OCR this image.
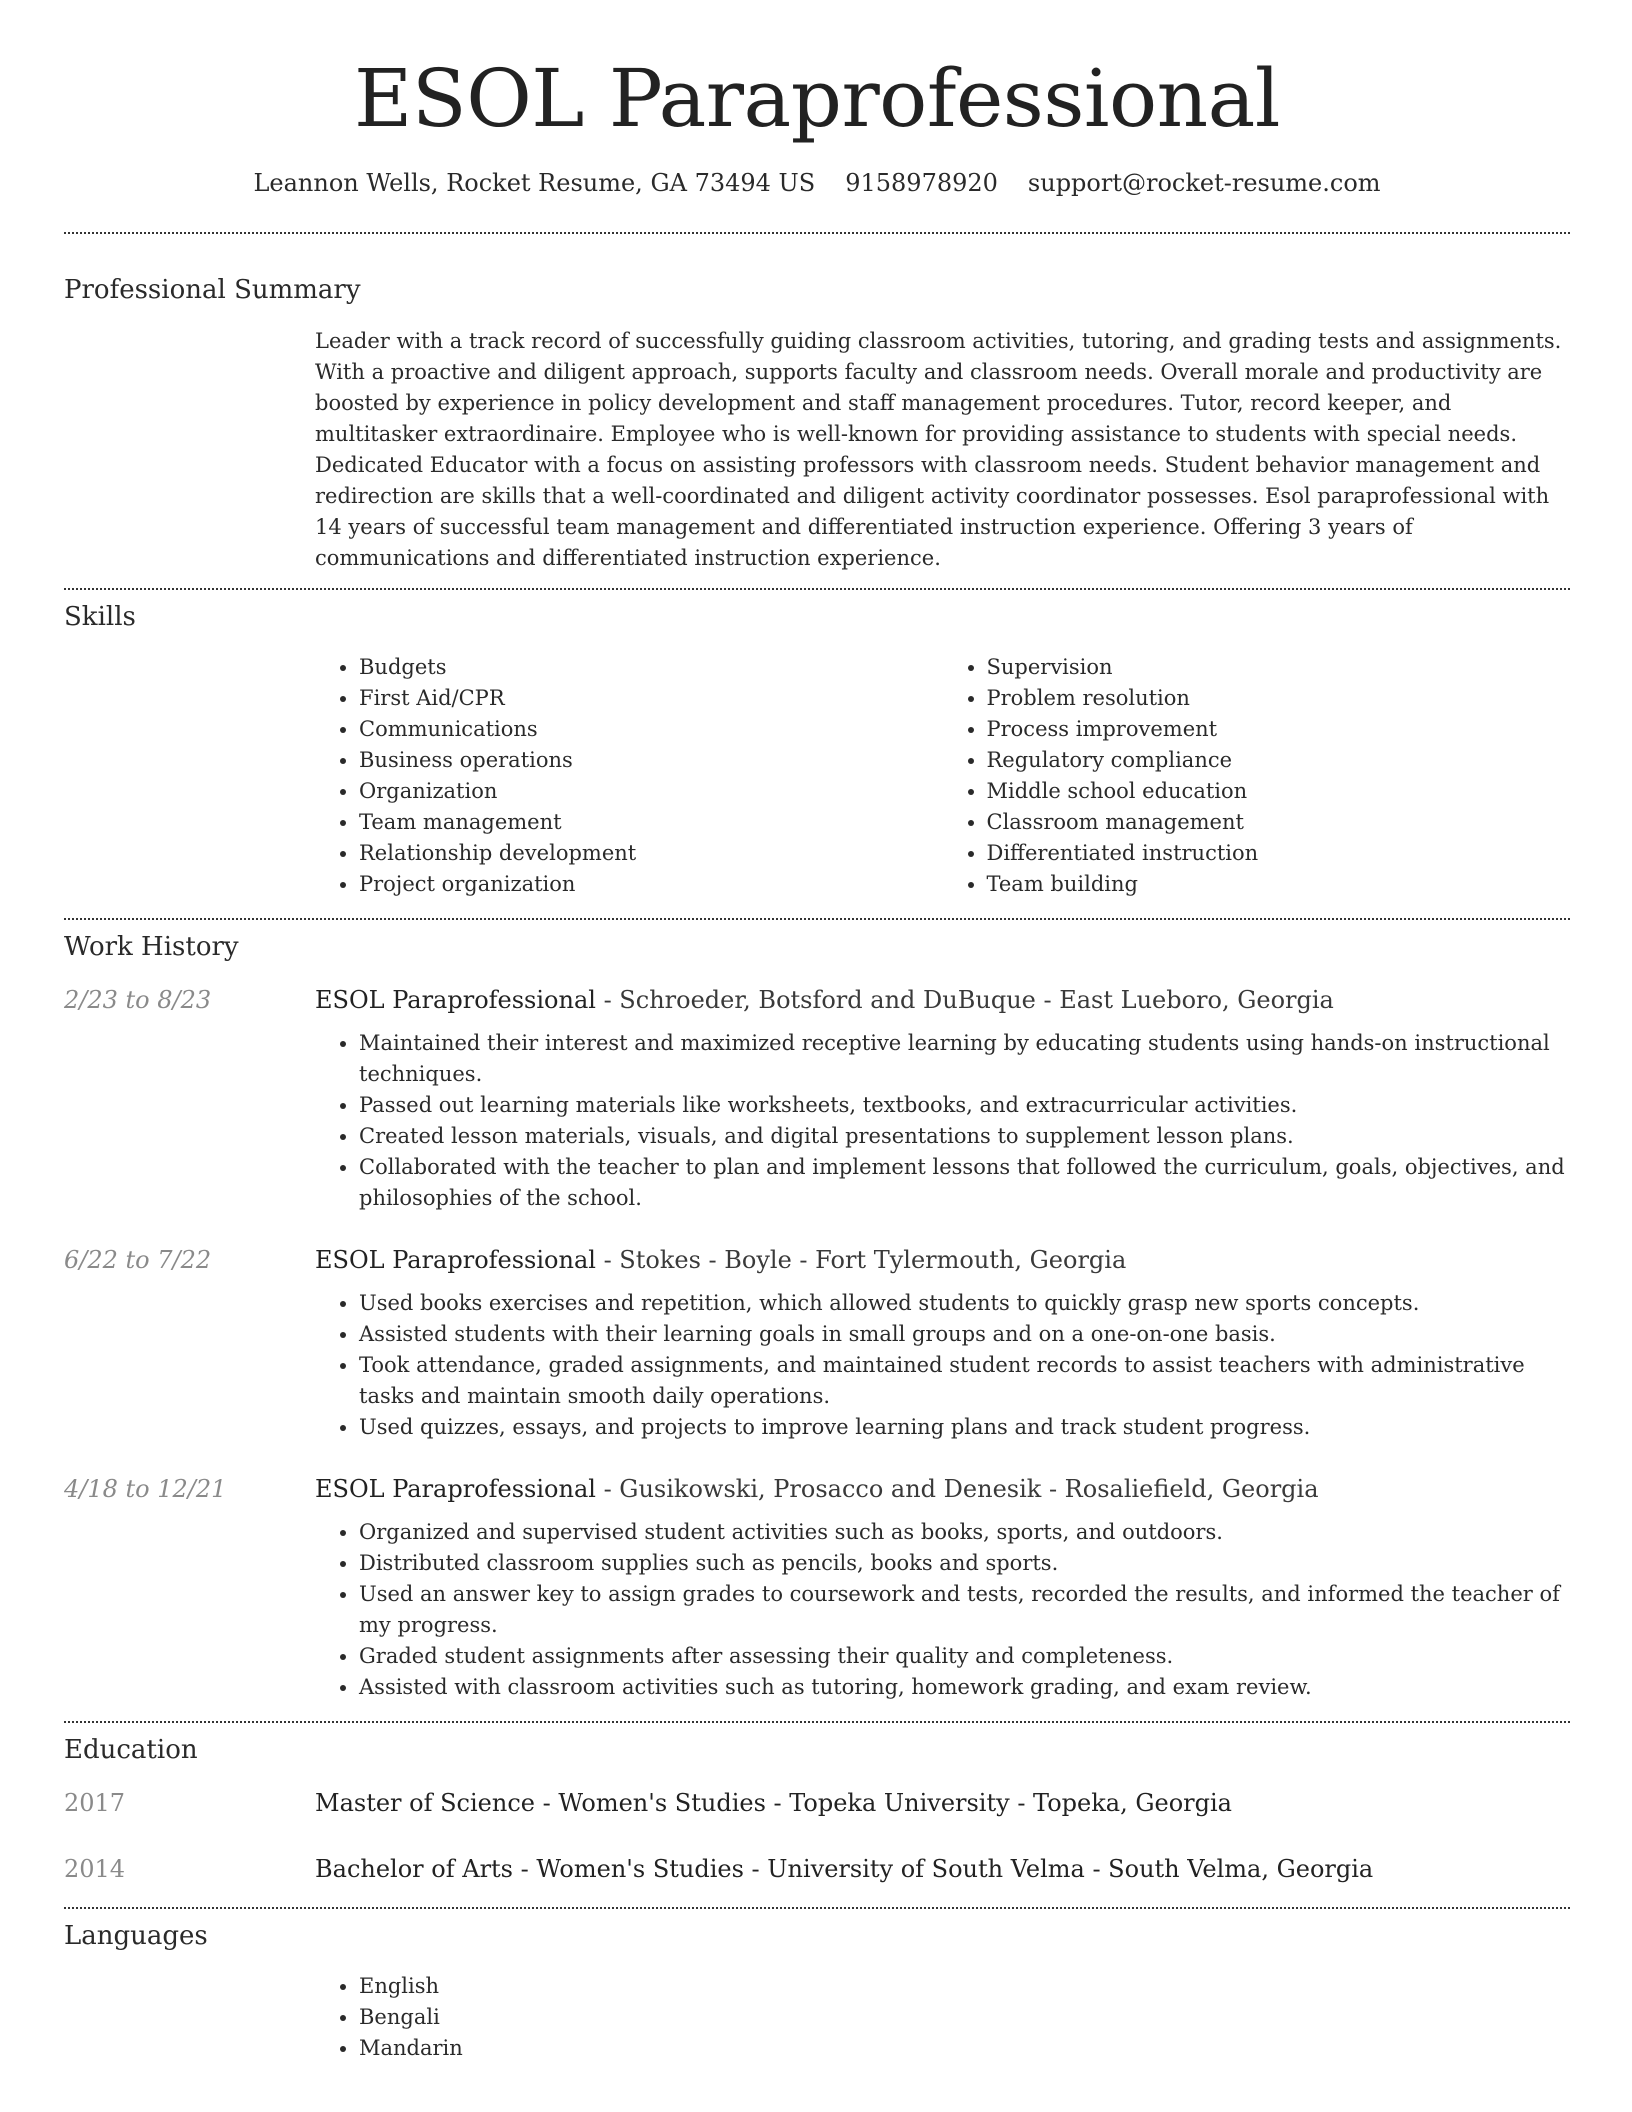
ESOL Paraprofessional
Leannon Wells, Rocket Resume, GA 73494 US 9158978920 support@rocket-resume.com
Professional Summary

Leader with a track record of successfully guiding classroom activities, tutoring, and grading tests and assignments. With a proactive and diligent approach, supports faculty and classroom needs. Overall morale and productivity are boosted by experience in policy development and staff management procedures. Tutor, record keeper, and multitasker extraordinaire. Employee who is well-known for providing assistance to students with special needs. Dedicated Educator with a focus on assisting professors with classroom needs. Student behavior management and redirection are skills that a well-coordinated and diligent activity coordinator possesses. Esol paraprofessional with 14 years of successful team management and differentiated instruction experience. Offering 3 years of communications and differentiated instruction experience.

Skills
• Budgets
• First Aid/CPR
• Communications
• Business operations
• Organization
• Team management
• Relationship development
• Project organization
• Supervision
• Problem resolution
• Process improvement
• Regulatory compliance
• Middle school education
• Classroom management
• Differentiated instruction
• Team building
Work History
2/23 to 8/23	ESOL Paraprofessional - Schroeder, Botsford and DuBuque - East Lueboro, Georgia
• Maintained their interest and maximized receptive learning by educating students using hands-on instructional techniques.
• Passed out learning materials like worksheets, textbooks, and extracurricular activities.
• Created lesson materials, visuals, and digital presentations to supplement lesson plans.
• Collaborated with the teacher to plan and implement lessons that followed the curriculum, goals, objectives, and philosophies of the school.
6/22 to 7/22	ESOL Paraprofessional - Stokes - Boyle - Fort Tylermouth, Georgia
• Used books exercises and repetition, which allowed students to quickly grasp new sports concepts.
• Assisted students with their learning goals in small groups and on a one-on-one basis.
• Took attendance, graded assignments, and maintained student records to assist teachers with administrative tasks and maintain smooth daily operations.
• Used quizzes, essays, and projects to improve learning plans and track student progress.
4/18 to 12/21	ESOL Paraprofessional - Gusikowski, Prosacco and Denesik - Rosaliefield, Georgia
• Organized and supervised student activities such as books, sports, and outdoors.
• Distributed classroom supplies such as pencils, books and sports.
• Used an answer key to assign grades to coursework and tests, recorded the results, and informed the teacher of my progress.
• Graded student assignments after assessing their quality and completeness.
• Assisted with classroom activities such as tutoring, homework grading, and exam review.
Education
2017	Master of Science - Women's Studies - Topeka University - Topeka, Georgia
2014	Bachelor of Arts - Women's Studies - University of South Velma - South Velma, Georgia
Languages
• English
• Bengali
• Mandarin
